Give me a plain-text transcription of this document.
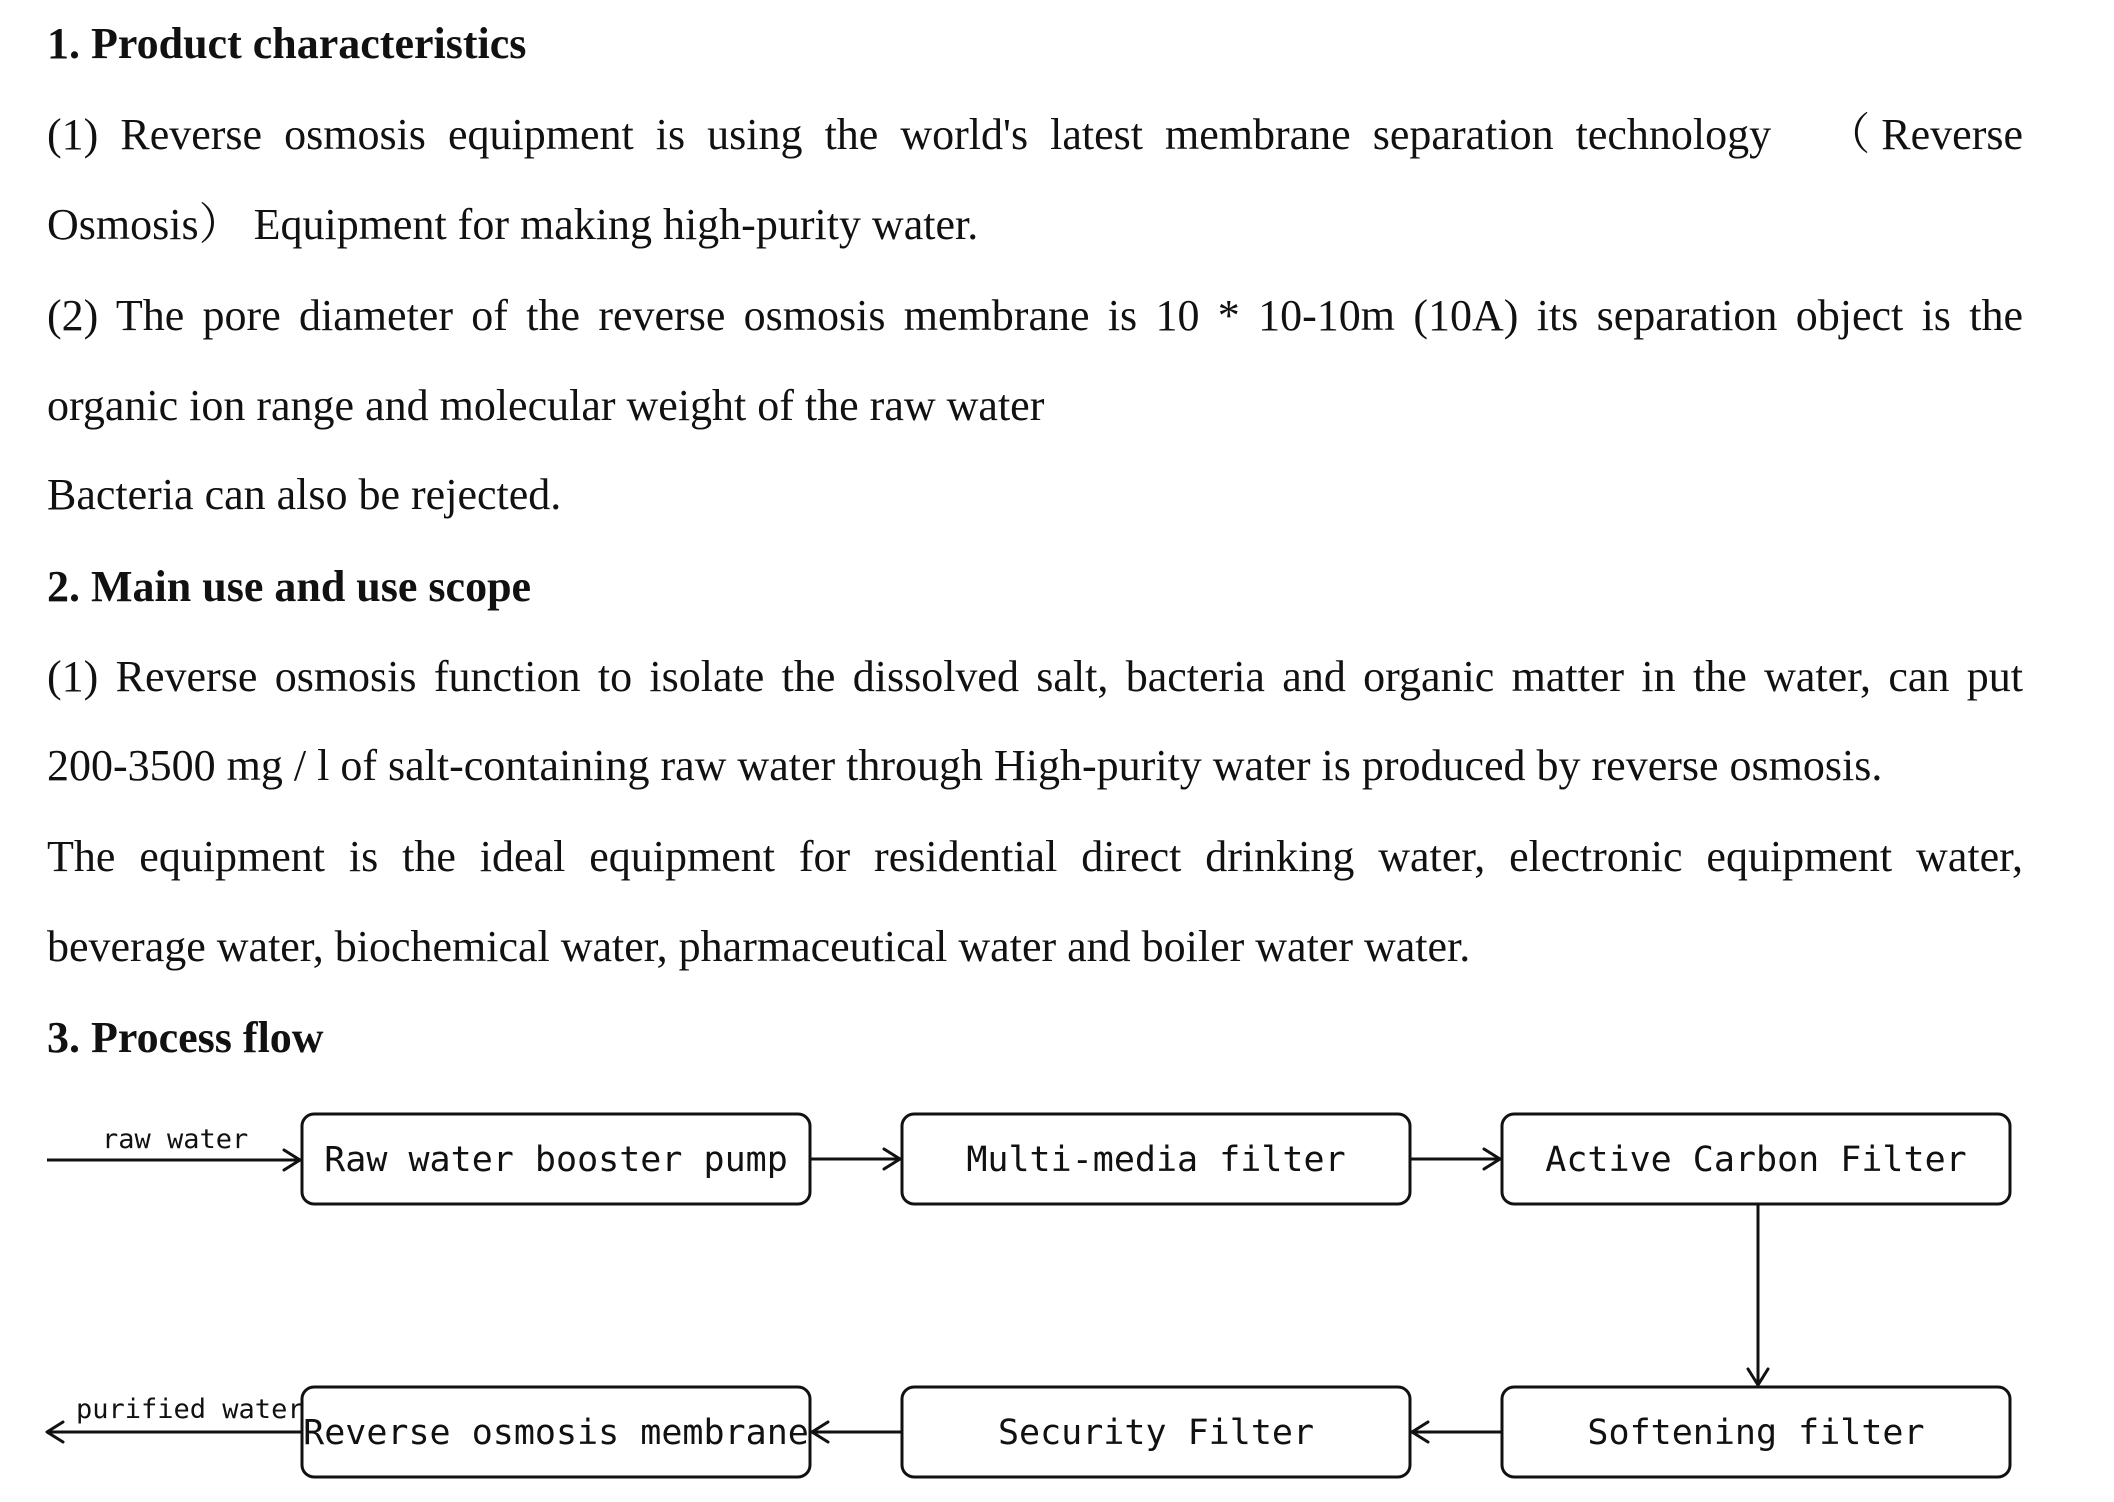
1. Product characteristics
(1) Reverse osmosis equipment is using the world's latest membrane separation technology 　（Reverse
Osmosis） Equipment for making high-purity water.
(2) The pore diameter of the reverse osmosis membrane is 10 * 10-10m (10A) its separation object is the
organic ion range and molecular weight of the raw water
Bacteria can also be rejected.
2. Main use and use scope
(1) Reverse osmosis function to isolate the dissolved salt, bacteria and organic matter in the water, can put
200-3500 mg / l of salt-containing raw water through High-purity water is produced by reverse osmosis.
The equipment is the ideal equipment for residential direct drinking water, electronic equipment water,
beverage water, biochemical water, pharmaceutical water and boiler water water.
3. Process flow
raw water
Raw water booster pump	Multi-media filter	Active Carbon Filter
Softening filter
Security Filter
Reverse osmosis membrane
purified water
